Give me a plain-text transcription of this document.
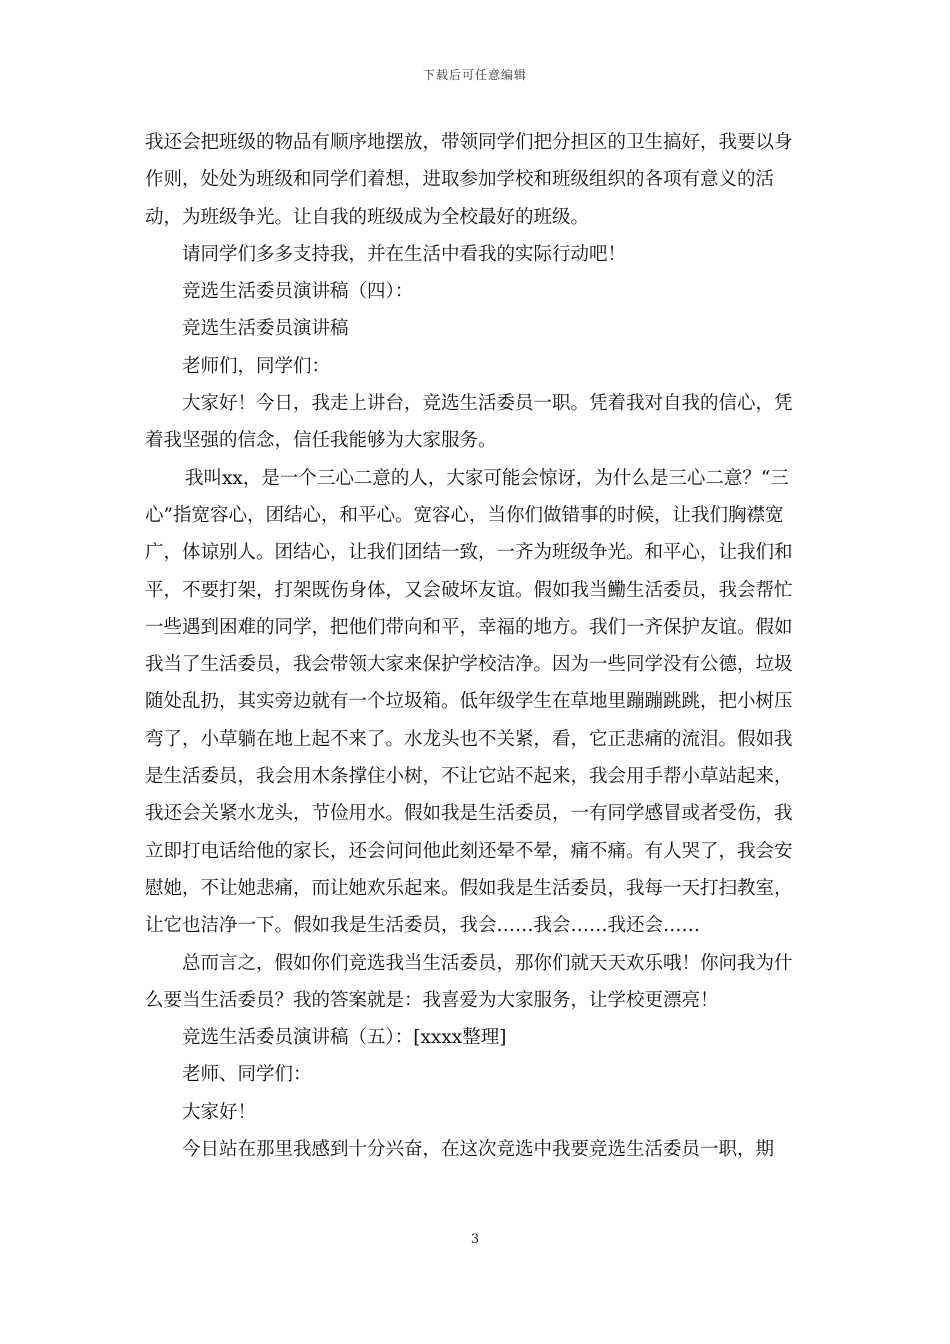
下载后可任意编辑

我还会把班级的物品有顺序地摆放，带领同学们把分担区的卫生搞好，我要以身作则，处处为班级和同学们着想，进取参加学校和班级组织的各项有意义的活动，为班级争光。让自我的班级成为全校最好的班级。

请同学们多多支持我，并在生活中看我的实际行动吧！

竞选生活委员演讲稿（四）：

竞选生活委员演讲稿

老师们，同学们：

大家好！今日，我走上讲台，竞选生活委员一职。凭着我对自我的信心，凭着我坚强的信念，信任我能够为大家服务。

我叫xx，是一个三心二意的人，大家可能会惊讶，为什么是三心二意？“三心”指宽容心，团结心，和平心。宽容心，当你们做错事的时候，让我们胸襟宽广，体谅别人。团结心，让我们团结一致，一齐为班级争光。和平心，让我们和平，不要打架，打架既伤身体，又会破坏友谊。假如我当鰳生活委员，我会帮忙一些遇到困难的同学，把他们带向和平，幸福的地方。我们一齐保护友谊。假如我当了生活委员，我会带领大家来保护学校洁净。因为一些同学没有公德，垃圾随处乱扔，其实旁边就有一个垃圾箱。低年级学生在草地里蹦蹦跳跳，把小树压弯了，小草躺在地上起不来了。水龙头也不关紧，看，它正悲痛的流泪。假如我是生活委员，我会用木条撑住小树，不让它站不起来，我会用手帮小草站起来，我还会关紧水龙头，节俭用水。假如我是生活委员，一有同学感冒或者受伤，我立即打电话给他的家长，还会问问他此刻还晕不晕，痛不痛。有人哭了，我会安慰她，不让她悲痛，而让她欢乐起来。假如我是生活委员，我每一天打扫教室，让它也洁净一下。假如我是生活委员，我会……我会……我还会……

总而言之，假如你们竞选我当生活委员，那你们就天天欢乐哦！你问我为什么要当生活委员？我的答案就是：我喜爱为大家服务，让学校更漂亮！

竞选生活委员演讲稿（五）：[xxxx整理]

老师、同学们：

大家好！

今日站在那里我感到十分兴奋，在这次竞选中我要竞选生活委员一职，期

3
